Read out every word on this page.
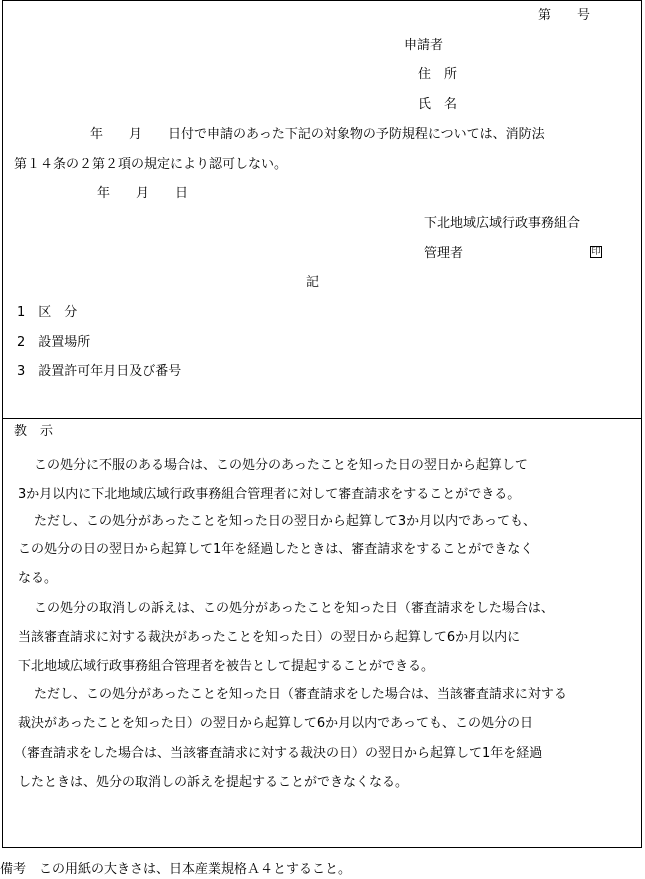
第　　号
申請者
住　所
氏　名
年　　月　　日付で申請のあった下記の対象物の予防規程については、消防法
第１４条の２第２項の規定により認可しない。
年　　月　　日
下北地域広域行政事務組合
管理者	印
記
1　区　分
2　設置場所
3　設置許可年月日及び番号
教　示
この処分に不服のある場合は、この処分のあったことを知った日の翌日から起算して
3か月以内に下北地域広域行政事務組合管理者に対して審査請求をすることができる。
ただし、この処分があったことを知った日の翌日から起算して3か月以内であっても、
この処分の日の翌日から起算して1年を経過したときは、審査請求をすることができなく
なる。
この処分の取消しの訴えは、この処分があったことを知った日（審査請求をした場合は、
当該審査請求に対する裁決があったことを知った日）の翌日から起算して6か月以内に
下北地域広域行政事務組合管理者を被告として提起することができる。
ただし、この処分があったことを知った日（審査請求をした場合は、当該審査請求に対する
裁決があったことを知った日）の翌日から起算して6か月以内であっても、この処分の日
（審査請求をした場合は、当該審査請求に対する裁決の日）の翌日から起算して1年を経過
したときは、処分の取消しの訴えを提起することができなくなる。
備考　この用紙の大きさは、日本産業規格Ａ４とすること。
